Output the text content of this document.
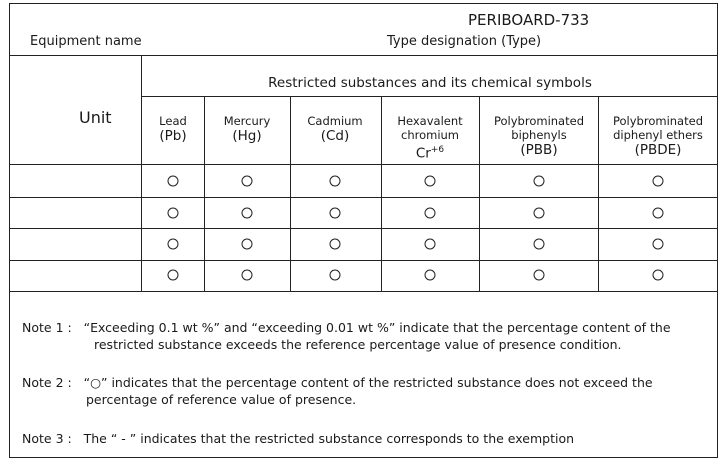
PERIBOARD-733
Equipment name	Type designation (Type)
Restricted substances and its chemical symbols
Unit	Lead
(Pb)
Mercury
(Hg)
Cadmium
(Cd)
Hexavalent
chromium
$Cr^{+6}$
Polybrominated
biphenyls
(PBB)
Polybrominated
diphenyl ethers
(PBDE)
Note 1 : “Exceeding 0.1 wt %” and “exceeding 0.01 wt %” indicate that the percentage content of the
restricted substance exceeds the reference percentage value of presence condition.
Note 2 : “○” indicates that the percentage content of the restricted substance does not exceed the
percentage of reference value of presence.
Note 3 : The “ - ” indicates that the restricted substance corresponds to the exemption
